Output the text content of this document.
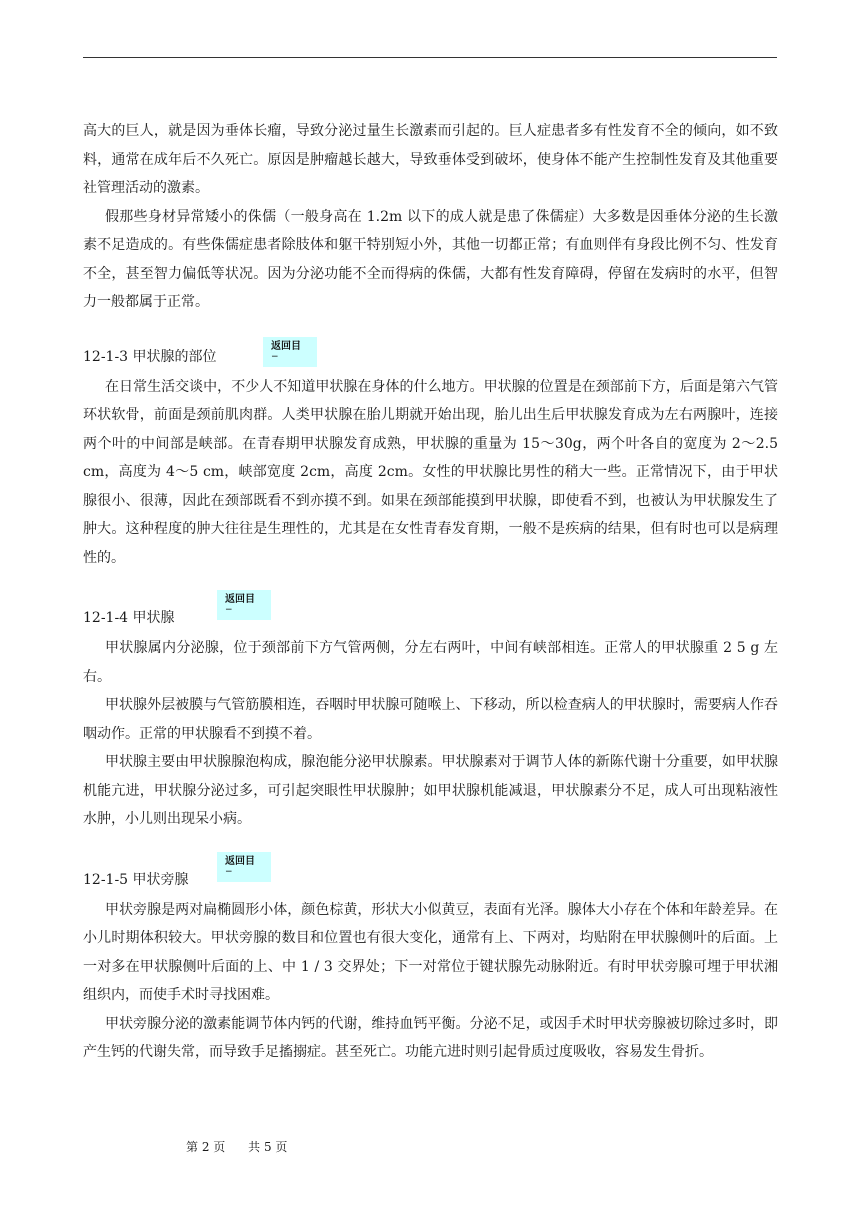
高大的巨人，就是因为垂体长瘤，导致分泌过量生长激素而引起的。巨人症患者多有性发育不全的倾向，如不致料，通常在成年后不久死亡。原因是肿瘤越长越大，导致垂体受到破坏，使身体不能产生控制性发育及其他重要社管理活动的激素。

假那些身材异常矮小的侏儒（一般身高在 1.2m 以下的成人就是患了侏儒症）大多数是因垂体分泌的生长激素不足造成的。有些侏儒症患者除肢体和躯干特别短小外，其他一切都正常；有血则伴有身段比例不匀、性发育不全，甚至智力偏低等状况。因为分泌功能不全而得病的侏儒，大都有性发育障碍，停留在发病时的水平，但智力一般都属于正常。

12-1-3 甲状腺的部位
返回目
−

在日常生活交谈中，不少人不知道甲状腺在身体的什么地方。甲状腺的位置是在颈部前下方，后面是第六气管环状软骨，前面是颈前肌肉群。人类甲状腺在胎儿期就开始出现，胎儿出生后甲状腺发育成为左右两腺叶，连接两个叶的中间部是峡部。在青春期甲状腺发育成熟，甲状腺的重量为 15～30g，两个叶各自的宽度为 2～2.5 cm，高度为 4～5 cm，峡部宽度 2cm，高度 2cm。女性的甲状腺比男性的稍大一些。正常情况下，由于甲状腺很小、很薄，因此在颈部既看不到亦摸不到。如果在颈部能摸到甲状腺，即使看不到，也被认为甲状腺发生了肿大。这种程度的肿大往往是生理性的，尤其是在女性青春发育期，一般不是疾病的结果，但有时也可以是病理性的。

12-1-4 甲状腺
返回目
−

甲状腺属内分泌腺，位于颈部前下方气管两侧，分左右两叶，中间有峡部相连。正常人的甲状腺重 2 5 g 左右。

甲状腺外层被膜与气管筋膜相连，吞咽时甲状腺可随喉上、下移动，所以检查病人的甲状腺时，需要病人作吞咽动作。正常的甲状腺看不到摸不着。

甲状腺主要由甲状腺腺泡构成，腺泡能分泌甲状腺素。甲状腺素对于调节人体的新陈代谢十分重要，如甲状腺机能亢进，甲状腺分泌过多，可引起突眼性甲状腺肿；如甲状腺机能减退，甲状腺素分不足，成人可出现粘液性水肿，小儿则出现呆小病。

12-1-5 甲状旁腺
返回目
−

甲状旁腺是两对扁椭圆形小体，颜色棕黄，形状大小似黄豆，表面有光泽。腺体大小存在个体和年龄差异。在小儿时期体积较大。甲状旁腺的数目和位置也有很大变化，通常有上、下两对，均贴附在甲状腺侧叶的后面。上一对多在甲状腺侧叶后面的上、中 1 / 3 交界处；下一对常位于键状腺先动脉附近。有时甲状旁腺可埋于甲状湘组织内，而使手术时寻找困难。

甲状旁腺分泌的激素能调节体内钙的代谢，维持血钙平衡。分泌不足，或因手术时甲状旁腺被切除过多时，即产生钙的代谢失常，而导致手足搐搦症。甚至死亡。功能亢进时则引起骨质过度吸收，容易发生骨折。

第 2 页      共 5 页
